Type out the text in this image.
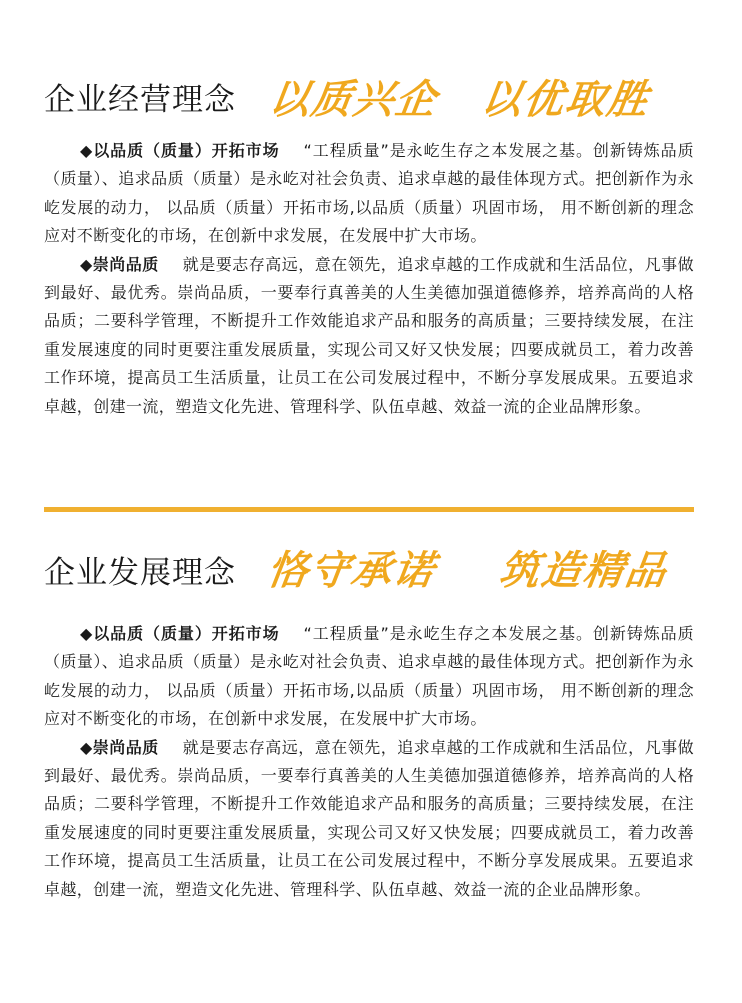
企业经营理念 以质兴企 以优取胜

◆以品质（质量）开拓市场 “工程质量”是永屹生存之本发展之基。创新铸炼品质（质量）、追求品质（质量）是永屹对社会负责、追求卓越的最佳体现方式。把创新作为永屹发展的动力， 以品质（质量）开拓市场,以品质（质量）巩固市场， 用不断创新的理念应对不断变化的市场，在创新中求发展，在发展中扩大市场。

◆崇尚品质 就是要志存高远，意在领先，追求卓越的工作成就和生活品位，凡事做到最好、最优秀。崇尚品质，一要奉行真善美的人生美德加强道德修养，培养高尚的人格品质；二要科学管理，不断提升工作效能追求产品和服务的高质量；三要持续发展，在注重发展速度的同时更要注重发展质量，实现公司又好又快发展；四要成就员工，着力改善工作环境，提高员工生活质量，让员工在公司发展过程中，不断分享发展成果。五要追求卓越，创建一流，塑造文化先进、管理科学、队伍卓越、效益一流的企业品牌形象。

企业发展理念 恪守承诺 筑造精品

◆以品质（质量）开拓市场 “工程质量”是永屹生存之本发展之基。创新铸炼品质（质量）、追求品质（质量）是永屹对社会负责、追求卓越的最佳体现方式。把创新作为永屹发展的动力， 以品质（质量）开拓市场,以品质（质量）巩固市场， 用不断创新的理念应对不断变化的市场，在创新中求发展，在发展中扩大市场。

◆崇尚品质 就是要志存高远，意在领先，追求卓越的工作成就和生活品位，凡事做到最好、最优秀。崇尚品质，一要奉行真善美的人生美德加强道德修养，培养高尚的人格品质；二要科学管理，不断提升工作效能追求产品和服务的高质量；三要持续发展，在注重发展速度的同时更要注重发展质量，实现公司又好又快发展；四要成就员工，着力改善工作环境，提高员工生活质量，让员工在公司发展过程中，不断分享发展成果。五要追求卓越，创建一流，塑造文化先进、管理科学、队伍卓越、效益一流的企业品牌形象。
